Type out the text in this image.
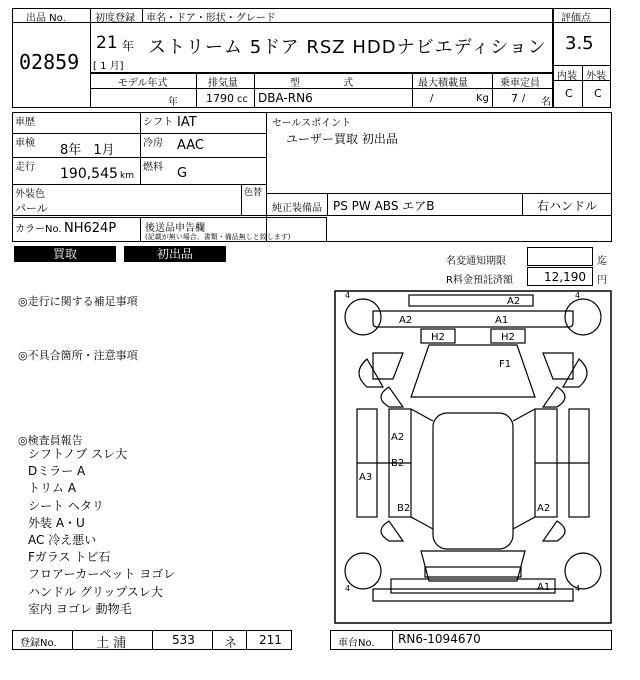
出品 No.
02859
初度登録 車名・ドア・形状・グレード
21 年
[ 1 月]
ストリーム 5ドア RSZ HDDナビエディション
評価点
3.5
内装 外装
C C
モデル年式	排気量	型 式	最大積載量	乗車定員
年	1790 cc DBA-RN6	/	Kg 7 / 名
車歴	シフト IAT
車検 8年 1月	冷房 AAC
走行 190,545 km
燃料 G
セールスポイント
ユーザー買取 初出品
外装色
パール
色替
純正装備品 PS PW ABS エアB	右ハンドル
カラーNo. NH624P	後送品申告欄
(記載が無い場合、書類・備品無しと致します)
買取	初出品
名変通知期限	迄
R料金預託済額	12,190 円
◎走行に関する補足事項
◎不具合箇所・注意事項
◎検査員報告
シフトノブ スレ大
Dミラー A
トリム A
シート ヘタリ
外装 A・U
AC 冷え悪い
Fガラス トビ石
フロアーカーペット ヨゴレ
ハンドル グリップスレ大
室内 ヨゴレ 動物毛
4	4
4	4
A2
A2	A1
H2	H2
F1
A2
B2
A3
B2	A2
A1
登録No.	土 浦	533 ネ 211	車台No. RN6-1094670
